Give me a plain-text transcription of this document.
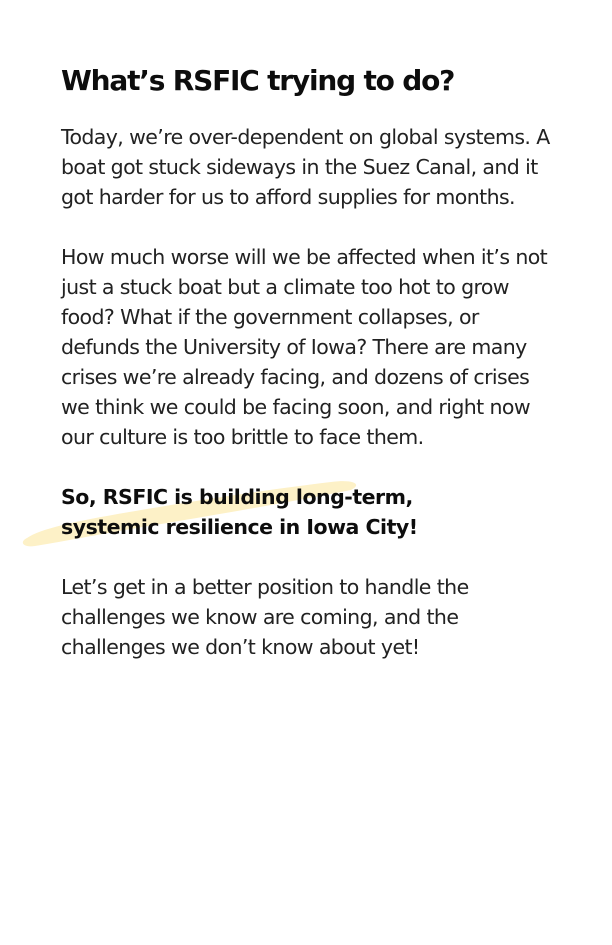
What’s RSFIC trying to do?

Today, we’re over-dependent on global systems. A
boat got stuck sideways in the Suez Canal, and it
got harder for us to afford supplies for months.

How much worse will we be affected when it’s not
just a stuck boat but a climate too hot to grow
food? What if the government collapses, or
defunds the University of Iowa? There are many
crises we’re already facing, and dozens of crises
we think we could be facing soon, and right now
our culture is too brittle to face them.

So, RSFIC is building long-term,
systemic resilience in Iowa City!

Let’s get in a better position to handle the
challenges we know are coming, and the
challenges we don’t know about yet!
